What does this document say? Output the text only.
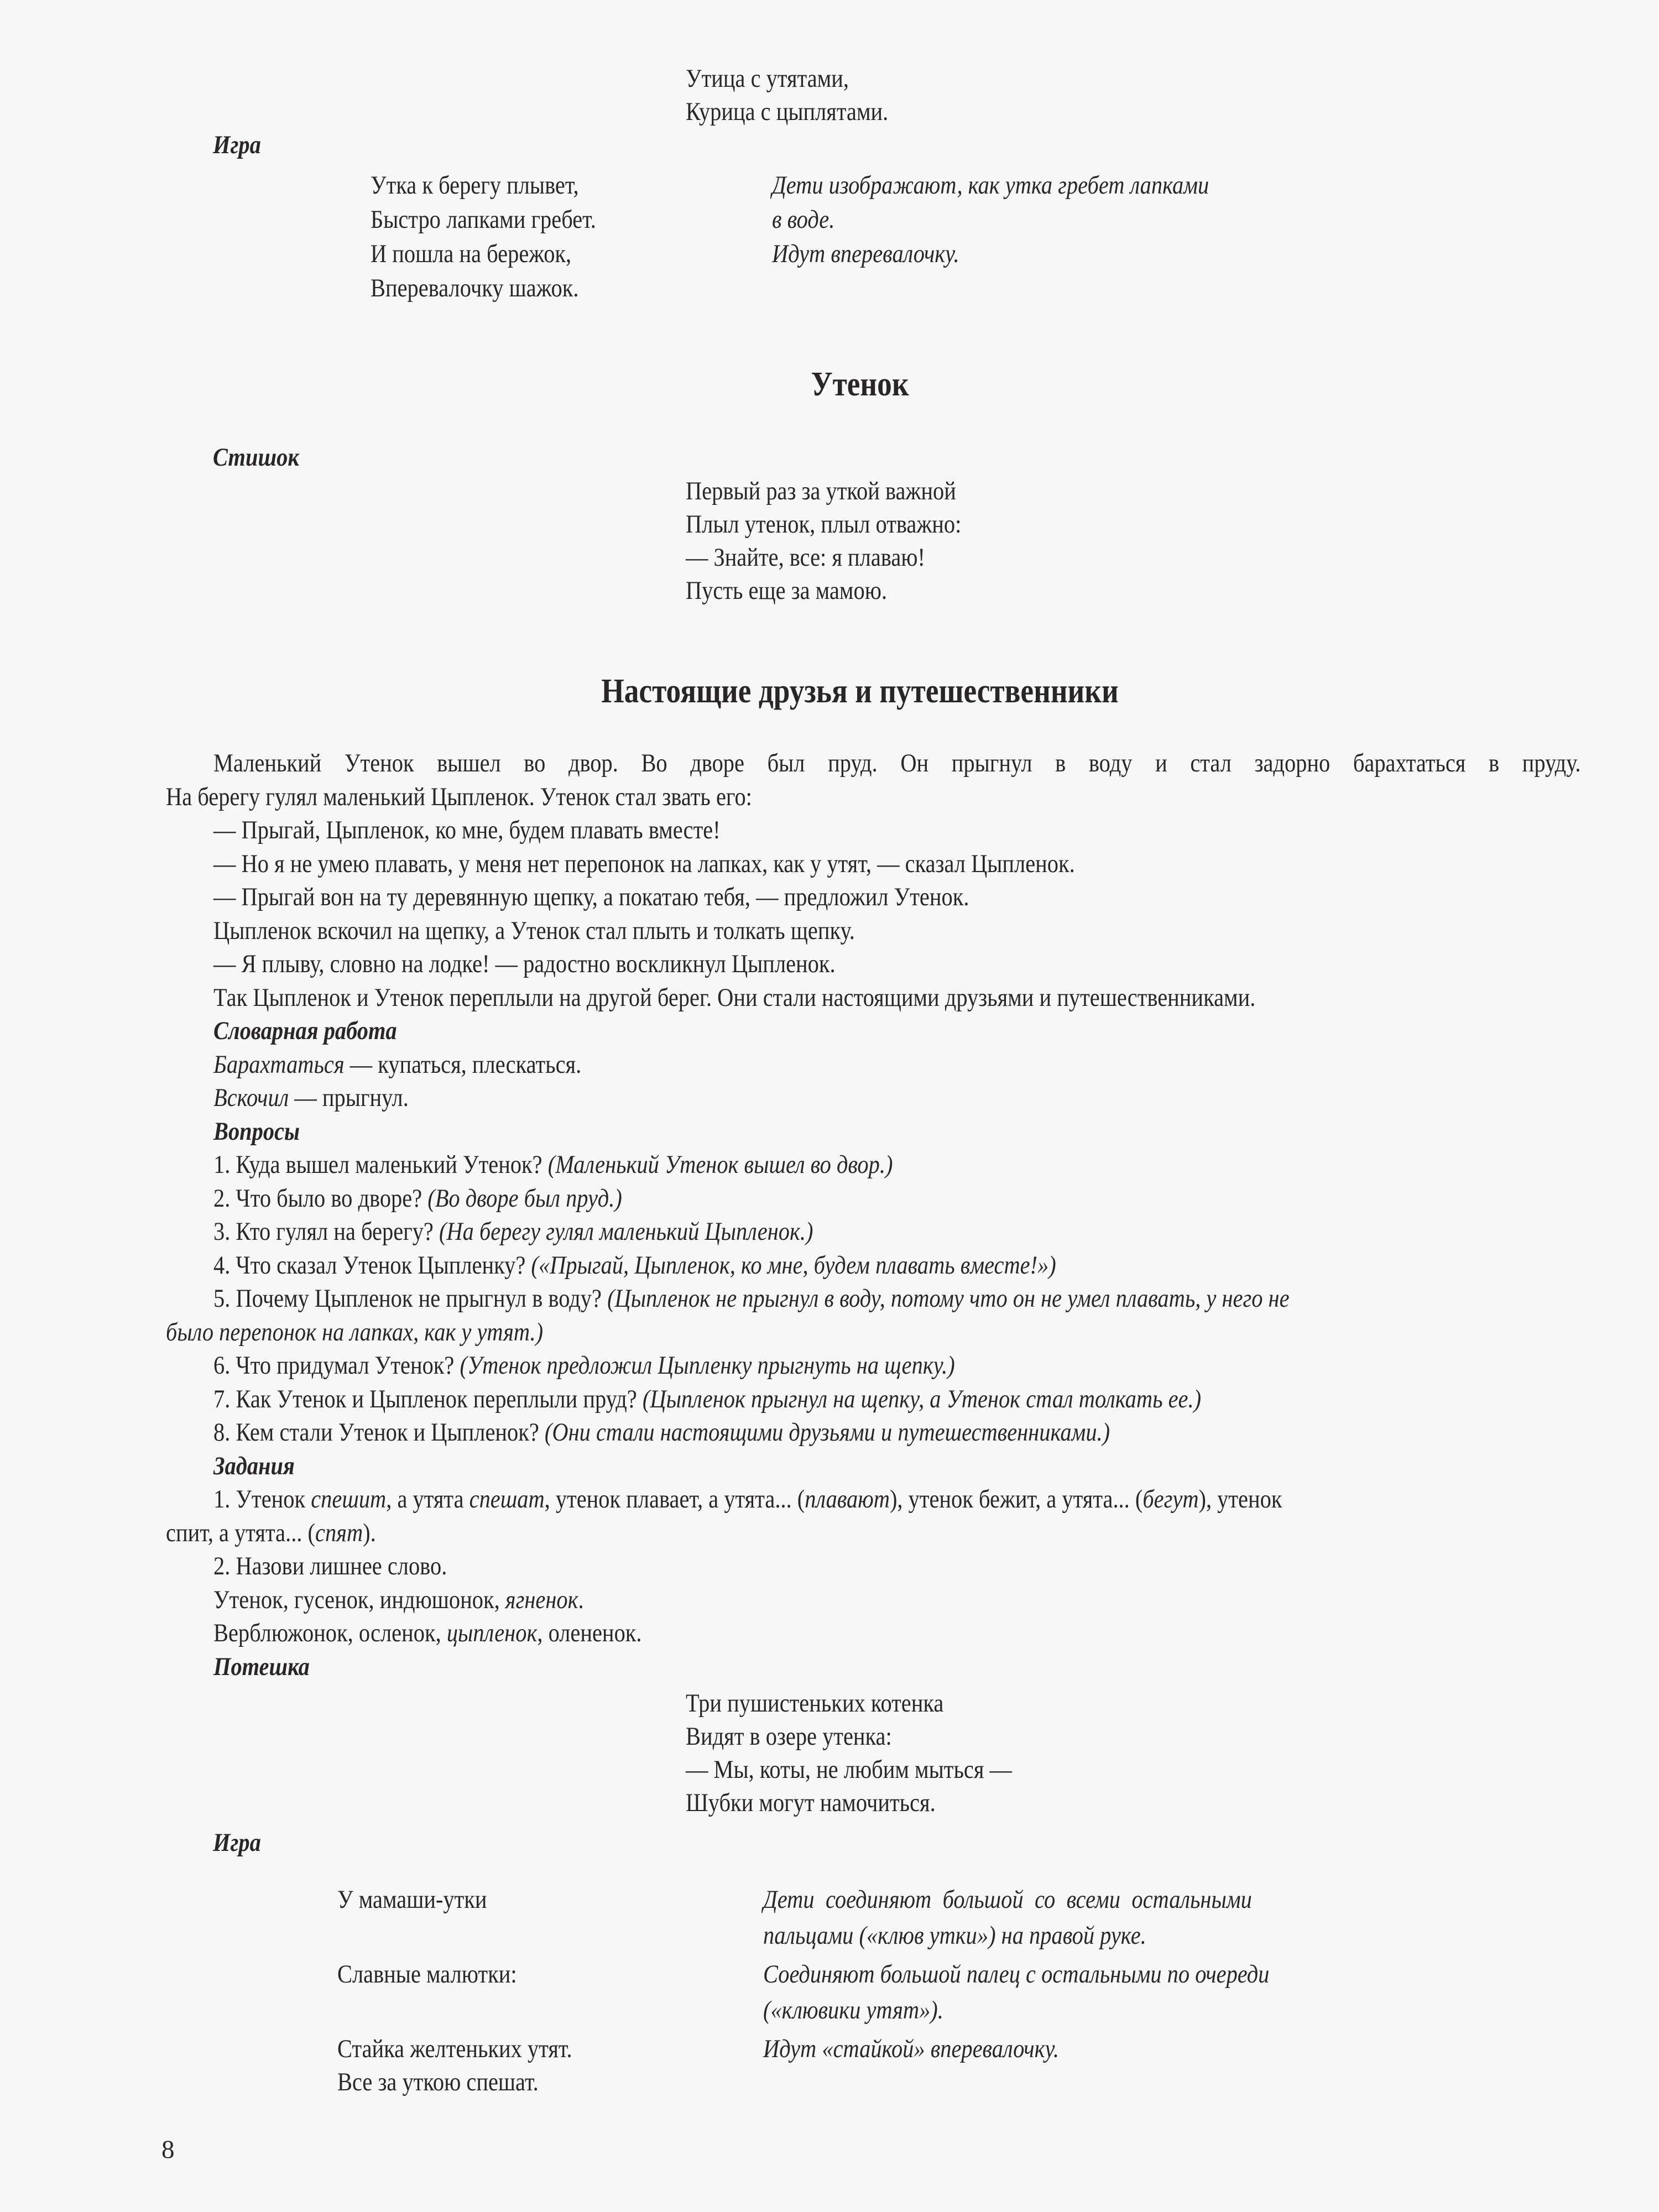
Утица с утятами,
Курица с цыплятами.
Игра
Утка к берегу плывет,
Быстро лапками гребет.
И пошла на бережок,
Вперевалочку шажок.
Дети изображают, как утка гребет лапками
в воде.
Идут вперевалочку.
Утенок
Стишок
Первый раз за уткой важной
Плыл утенок, плыл отважно:
— Знайте, все: я плаваю!
Пусть еще за мамою.
Настоящие друзья и путешественники
Маленький Утенок вышел во двор. Во дворе был пруд. Он прыгнул в воду и стал задорно барахтаться в пруду.
На берегу гулял маленький Цыпленок. Утенок стал звать его:
— Прыгай, Цыпленок, ко мне, будем плавать вместе!
— Но я не умею плавать, у меня нет перепонок на лапках, как у утят, — сказал Цыпленок.
— Прыгай вон на ту деревянную щепку, а покатаю тебя, — предложил Утенок.
Цыпленок вскочил на щепку, а Утенок стал плыть и толкать щепку.
— Я плыву, словно на лодке! — радостно воскликнул Цыпленок.
Так Цыпленок и Утенок переплыли на другой берег. Они стали настоящими друзьями и путешественниками.
Словарная работа
Барахтаться — купаться, плескаться.
Вскочил — прыгнул.
Вопросы
1. Куда вышел маленький Утенок? (Маленький Утенок вышел во двор.)
2. Что было во дворе? (Во дворе был пруд.)
3. Кто гулял на берегу? (На берегу гулял маленький Цыпленок.)
4. Что сказал Утенок Цыпленку? («Прыгай, Цыпленок, ко мне, будем плавать вместе!»)
5. Почему Цыпленок не прыгнул в воду? (Цыпленок не прыгнул в воду, потому что он не умел плавать, у него не
было перепонок на лапках, как у утят.)
6. Что придумал Утенок? (Утенок предложил Цыпленку прыгнуть на щепку.)
7. Как Утенок и Цыпленок переплыли пруд? (Цыпленок прыгнул на щепку, а Утенок стал толкать ее.)
8. Кем стали Утенок и Цыпленок? (Они стали настоящими друзьями и путешественниками.)
Задания
1. Утенок спешит, а утята спешат, утенок плавает, а утята... (плавают), утенок бежит, а утята... (бегут), утенок
спит, а утята... (спят).
2. Назови лишнее слово.
Утенок, гусенок, индюшонок, ягненок.
Верблюжонок, осленок, цыпленок, олененок.
Потешка
Три пушистеньких котенка
Видят в озере утенка:
— Мы, коты, не любим мыться —
Шубки могут намочиться.
Игра
У мамаши-утки
Славные малютки:
Стайка желтеньких утят.
Все за уткою спешат.
Дети соединяют большой со всеми остальными
пальцами («клюв утки») на правой руке.
Соединяют большой палец с остальными по очереди
(«клювики утят»).
Идут «стайкой» вперевалочку.
8
